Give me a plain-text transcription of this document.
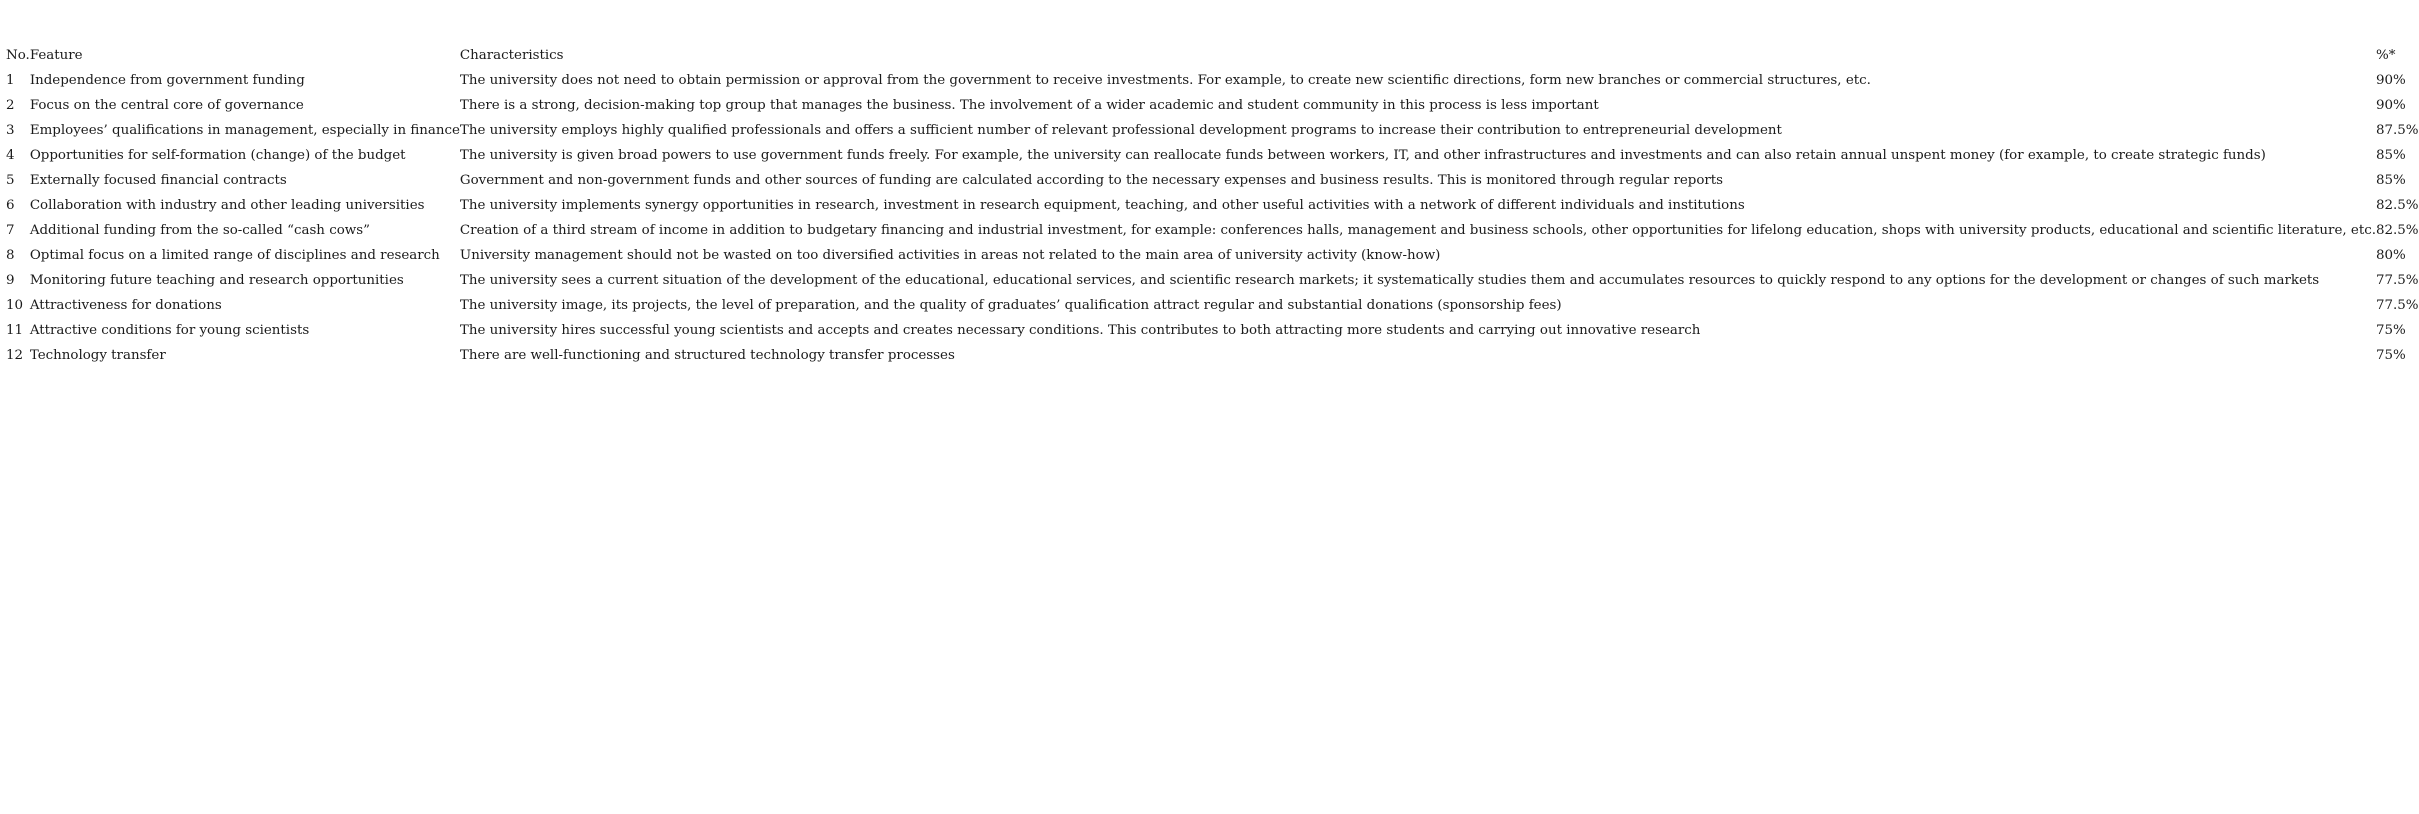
No.	Feature	Characteristics	%*
1	Independence from government funding	The university does not need to obtain permission or approval from the government to receive investments. For example, to create new scientific directions, form new branches or commercial structures, etc.	90%
2	Focus on the central core of governance	There is a strong, decision-making top group that manages the business. The involvement of a wider academic and student community in this process is less important	90%
3	Employees’ qualifications in management, especially in finance	The university employs highly qualified professionals and offers a sufficient number of relevant professional development programs to increase their contribution to entrepreneurial development	87.5%
4	Opportunities for self-formation (change) of the budget	The university is given broad powers to use government funds freely. For example, the university can reallocate funds between workers, IT, and other infrastructures and investments and can also retain annual unspent money (for example, to create strategic funds)	85%
5	Externally focused financial contracts	Government and non-government funds and other sources of funding are calculated according to the necessary expenses and business results. This is monitored through regular reports	85%
6	Collaboration with industry and other leading universities	The university implements synergy opportunities in research, investment in research equipment, teaching, and other useful activities with a network of different individuals and institutions	82.5%
7	Additional funding from the so-called “cash cows”	Creation of a third stream of income in addition to budgetary financing and industrial investment, for example: conferences halls, management and business schools, other opportunities for lifelong education, shops with university products, educational and scientific literature, etc.	82.5%
8	Optimal focus on a limited range of disciplines and research	University management should not be wasted on too diversified activities in areas not related to the main area of university activity (know-how)	80%
9	Monitoring future teaching and research opportunities	The university sees a current situation of the development of the educational, educational services, and scientific research markets; it systematically studies them and accumulates resources to quickly respond to any options for the development or changes of such markets	77.5%
10	Attractiveness for donations	The university image, its projects, the level of preparation, and the quality of graduates’ qualification attract regular and substantial donations (sponsorship fees)	77.5%
11	Attractive conditions for young scientists	The university hires successful young scientists and accepts and creates necessary conditions. This contributes to both attracting more students and carrying out innovative research	75%
12	Technology transfer	There are well-functioning and structured technology transfer processes	75%
